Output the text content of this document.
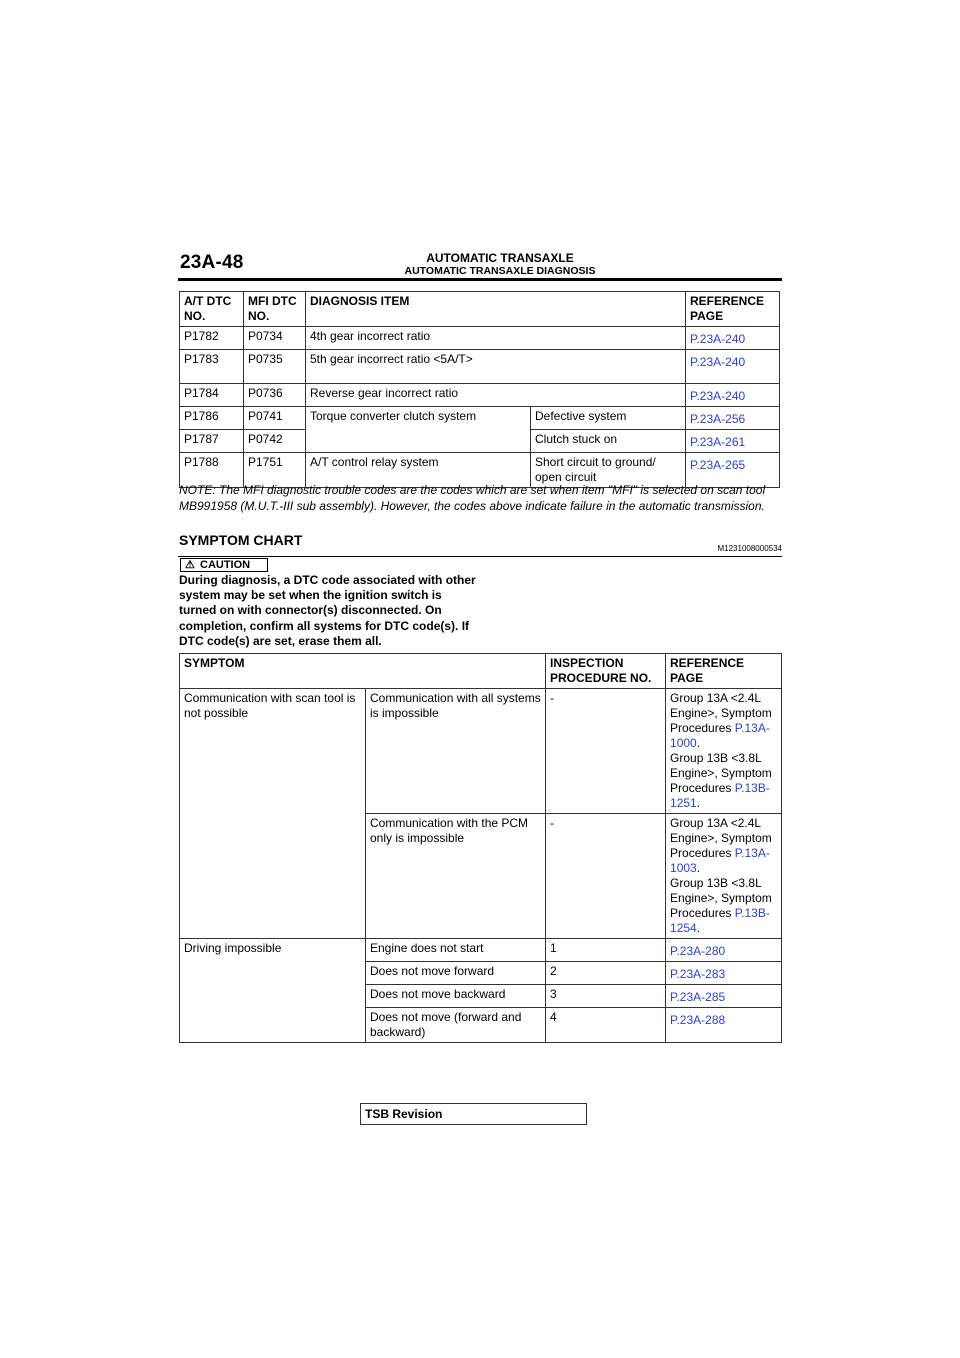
23A-48	AUTOMATIC TRANSAXLE
AUTOMATIC TRANSAXLE DIAGNOSIS
A/T DTC NO.	MFI DTC NO.	DIAGNOSIS ITEM		REFERENCE PAGE
P1782	P0734	4th gear incorrect ratio		P.23A-240

P1783	P0735	5th gear incorrect ratio <5A/T>		P.23A-240

P1784	P0736	Reverse gear incorrect ratio		P.23A-240

P1786	P0741	Torque converter clutch system	Defective system	P.23A-256

P1787	P0742		Clutch stuck on	P.23A-261

P1788	P1751	A/T control relay system	Short circuit to ground/ open circuit	P.23A-265
NOTE: The MFI diagnostic trouble codes are the codes which are set when item "MFI" is selected on scan tool MB991958 (M.U.T.-III sub assembly). However, the codes above indicate failure in the automatic transmission.
SYMPTOM CHART
M1231008000534
⚠ CAUTION
During diagnosis, a DTC code associated with other system may be set when the ignition switch is turned on with connector(s) disconnected. On completion, confirm all systems for DTC code(s). If DTC code(s) are set, erase them all.
SYMPTOM		INSPECTION PROCEDURE NO.	REFERENCE PAGE
Communication with scan tool is not possible	Communication with all systems is impossible	-	Group 13A <2.4L Engine>, Symptom Procedures P.13A-1000.
Group 13B <3.8L Engine>, Symptom Procedures P.13B-1251.
	Communication with the PCM only is impossible	-	Group 13A <2.4L Engine>, Symptom Procedures P.13A-1003.
Group 13B <3.8L Engine>, Symptom Procedures P.13B-1254.
Driving impossible	Engine does not start	1	P.23A-280

	Does not move forward	2	P.23A-283

	Does not move backward	3	P.23A-285

	Does not move (forward and backward)	4	P.23A-288
TSB Revision
